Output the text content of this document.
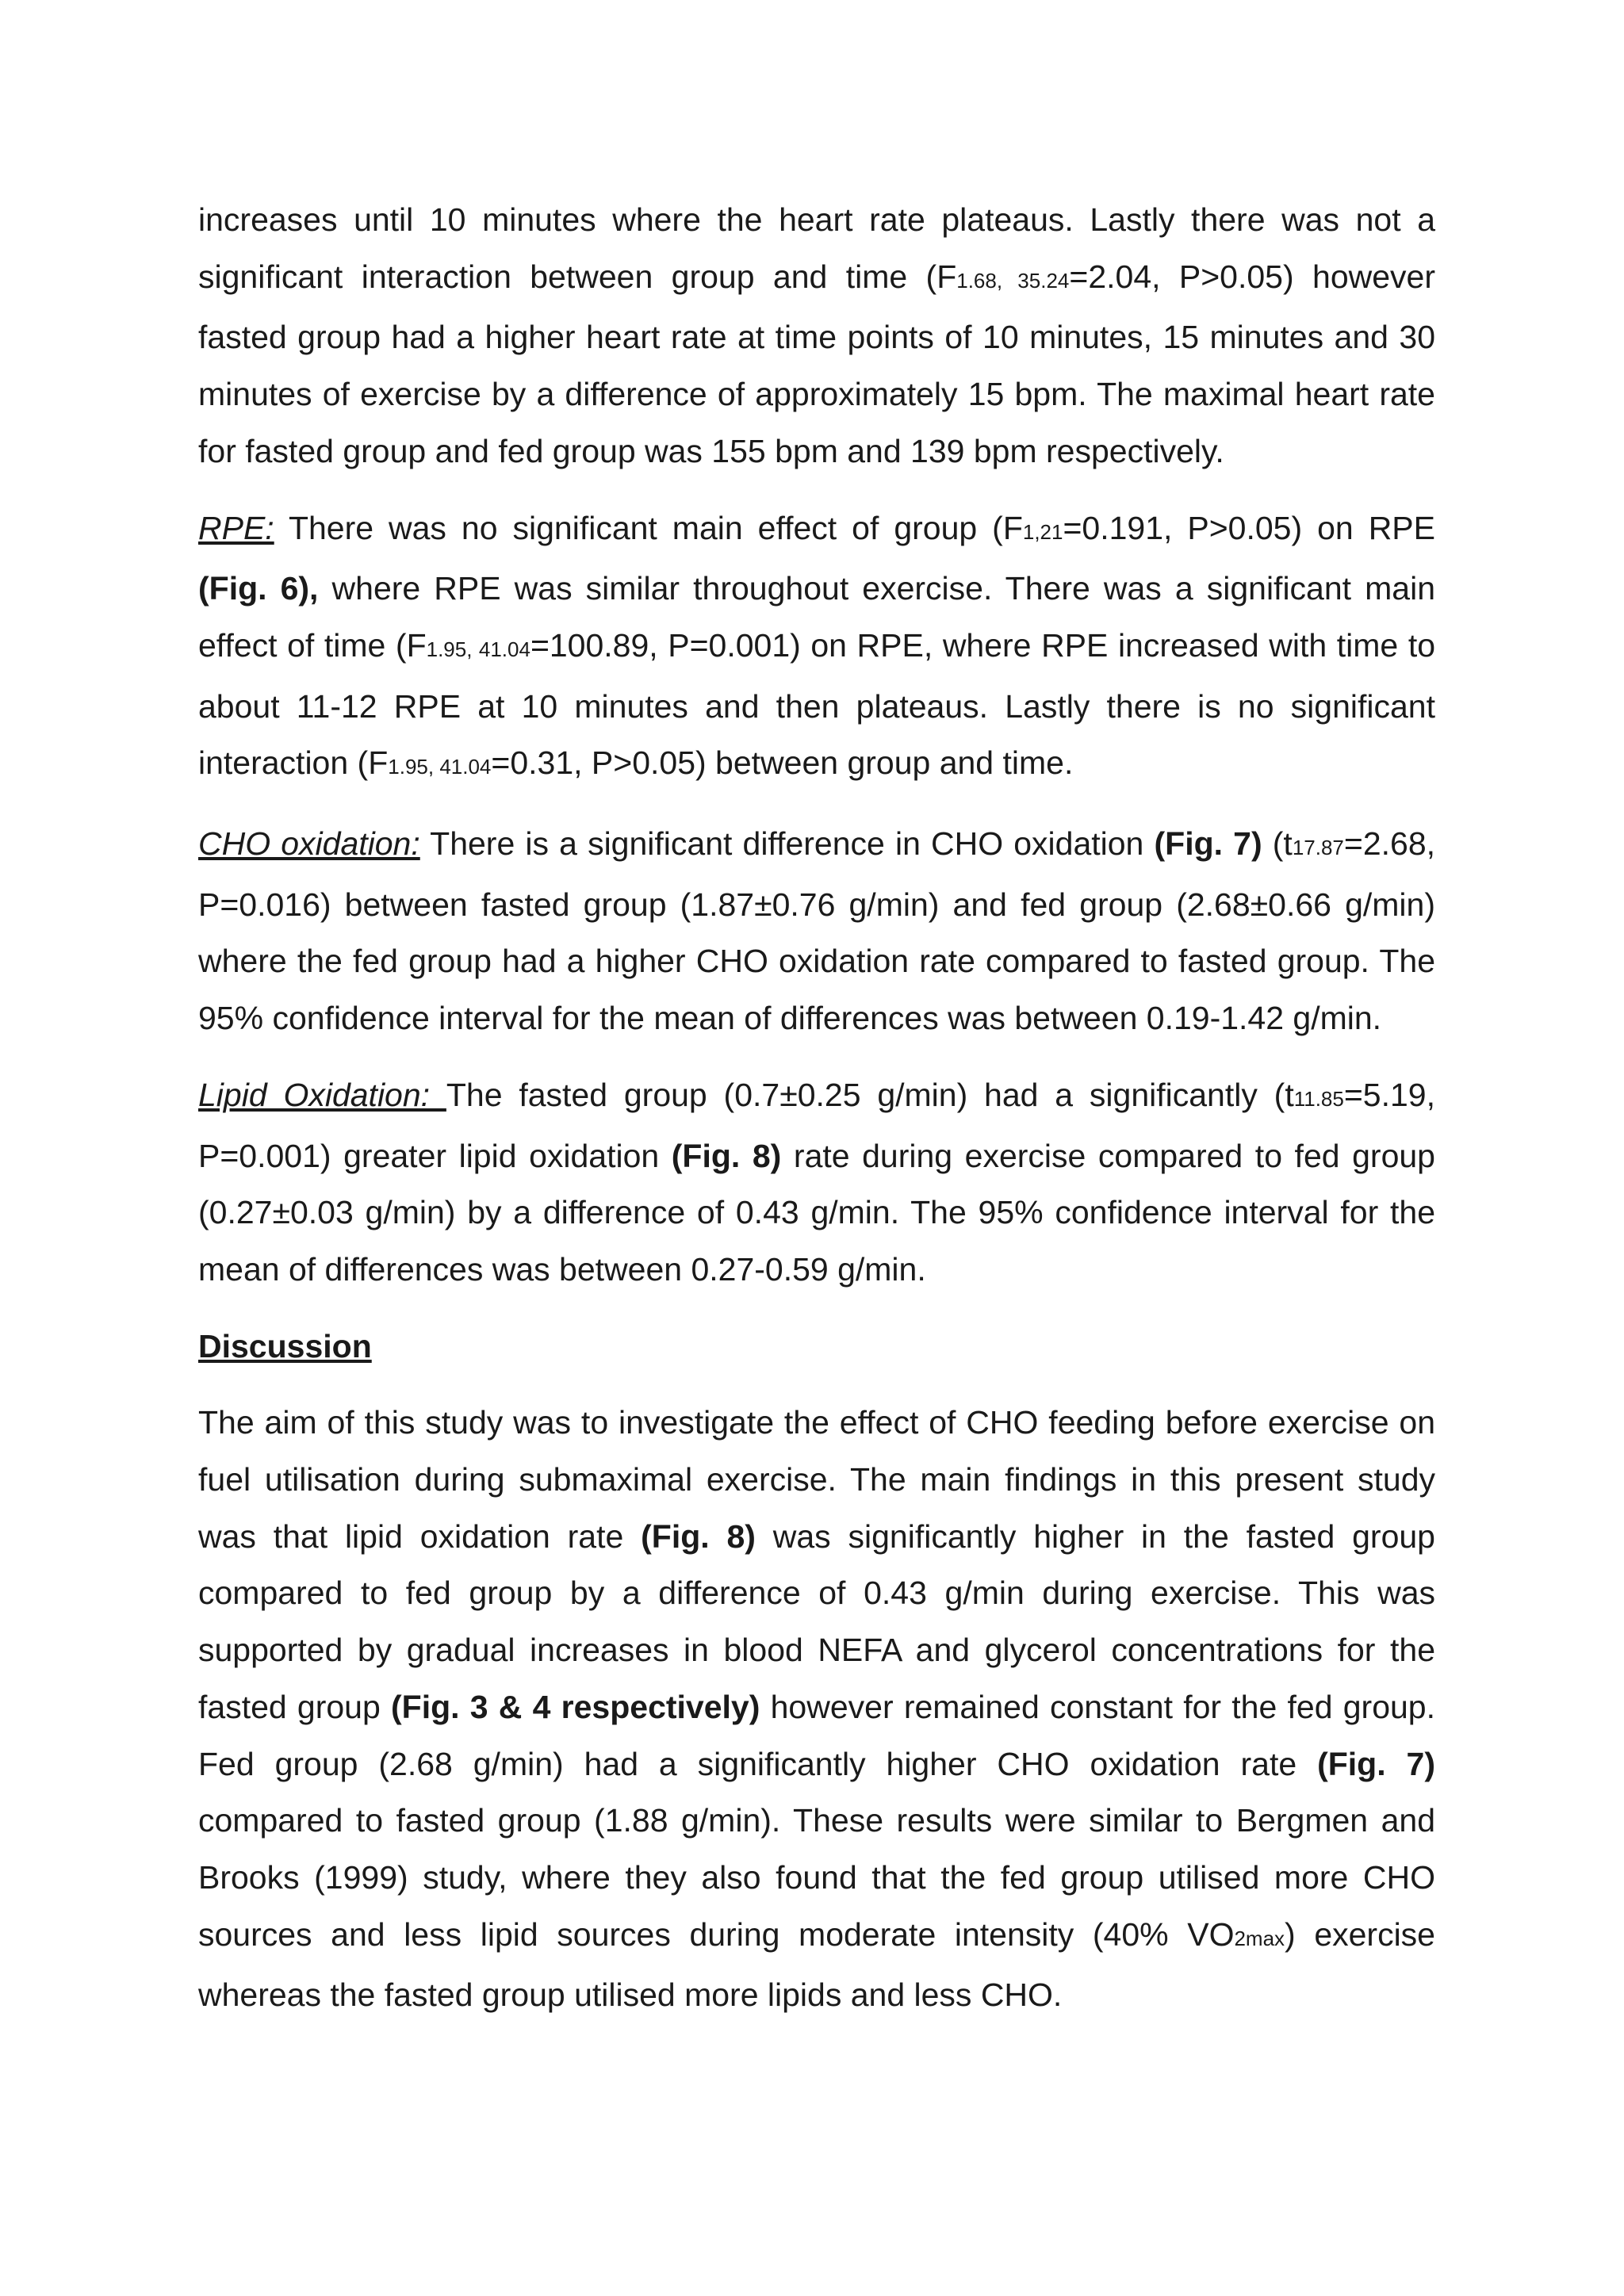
increases until 10 minutes where the heart rate plateaus. Lastly there was not a significant interaction between group and time (F1.68, 35.24=2.04, P>0.05) however fasted group had a higher heart rate at time points of 10 minutes, 15 minutes and 30 minutes of exercise by a difference of approximately 15 bpm. The maximal heart rate for fasted group and fed group was 155 bpm and 139 bpm respectively.

RPE: There was no significant main effect of group (F1,21=0.191, P>0.05) on RPE (Fig. 6), where RPE was similar throughout exercise. There was a significant main effect of time (F1.95, 41.04=100.89, P=0.001) on RPE, where RPE increased with time to about 11-12 RPE at 10 minutes and then plateaus. Lastly there is no significant interaction (F1.95, 41.04=0.31, P>0.05) between group and time.

CHO oxidation: There is a significant difference in CHO oxidation (Fig. 7) (t17.87=2.68, P=0.016) between fasted group (1.87±0.76 g/min) and fed group (2.68±0.66 g/min) where the fed group had a higher CHO oxidation rate compared to fasted group. The 95% confidence interval for the mean of differences was between 0.19-1.42 g/min.

Lipid Oxidation: The fasted group (0.7±0.25 g/min) had a significantly (t11.85=5.19, P=0.001) greater lipid oxidation (Fig. 8) rate during exercise compared to fed group (0.27±0.03 g/min) by a difference of 0.43 g/min. The 95% confidence interval for the mean of differences was between 0.27-0.59 g/min.

Discussion

The aim of this study was to investigate the effect of CHO feeding before exercise on fuel utilisation during submaximal exercise. The main findings in this present study was that lipid oxidation rate (Fig. 8) was significantly higher in the fasted group compared to fed group by a difference of 0.43 g/min during exercise. This was supported by gradual increases in blood NEFA and glycerol concentrations for the fasted group (Fig. 3 & 4 respectively) however remained constant for the fed group. Fed group (2.68 g/min) had a significantly higher CHO oxidation rate (Fig. 7) compared to fasted group (1.88 g/min). These results were similar to Bergmen and Brooks (1999) study, where they also found that the fed group utilised more CHO sources and less lipid sources during moderate intensity (40% VO2max) exercise whereas the fasted group utilised more lipids and less CHO.
